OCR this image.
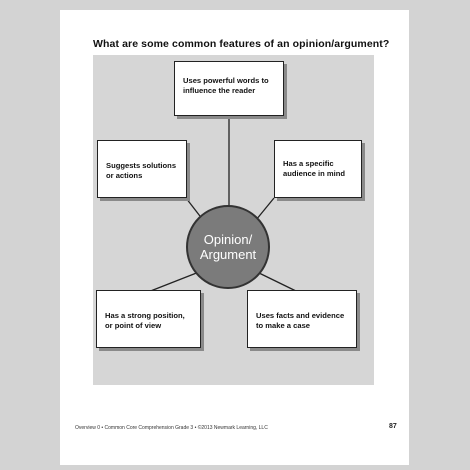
What are some common features of an opinion/argument?
Uses powerful words to
influence the reader
Suggests solutions
or actions
Has a specific
audience in mind
Opinion/
Argument
Has a strong position,
or point of view
Uses facts and evidence
to make a case
Overview 0 • Common Core Comprehension Grade 3 • ©2013 Newmark Learning, LLC	87
